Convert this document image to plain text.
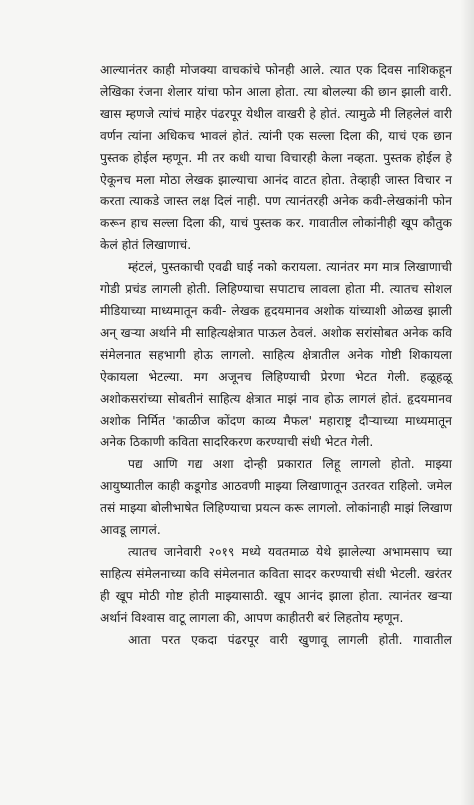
आल्यानंतर काही मोजक्या वाचकांचे फोनही आले. त्यात एक दिवस नाशिकहून लेखिका रंजना शेलार यांचा फोन आला होता. त्या बोलल्या की छान झाली वारी. खास म्हणजे त्यांचं माहेर पंढरपूर येथील वाखरी हे होतं. त्यामुळे मी लिहलेलं वारी वर्णन त्यांना अधिकच भावलं होतं. त्यांनी एक सल्ला दिला की, याचं एक छान पुस्तक होईल म्हणून. मी तर कधी याचा विचारही केला नव्हता. पुस्तक होईल हे ऐकूनच मला मोठा लेखक झाल्याचा आनंद वाटत होता. तेव्हाही जास्त विचार न करता त्याकडे जास्त लक्ष दिलं नाही. पण त्यानंतरही अनेक कवी-लेखकांनी फोन करून हाच सल्ला दिला की, याचं पुस्तक कर. गावातील लोकांनीही खूप कौतुक केलं होतं लिखाणाचं.

म्हंटलं, पुस्तकाची एवढी घाई नको करायला. त्यानंतर मग मात्र लिखाणाची गोडी प्रचंड लागली होती. लिहिण्याचा सपाटाच लावला होता मी. त्यातच सोशल मीडियाच्या माध्यमातून कवी- लेखक हृदयमानव अशोक यांच्याशी ओळख झाली अन् खऱ्या अर्थाने मी साहित्यक्षेत्रात पाऊल ठेवलं. अशोक सरांसोबत अनेक कवि संमेलनात सहभागी होऊ लागलो. साहित्य क्षेत्रातील अनेक गोष्टी शिकायला ऐकायला भेटल्या. मग अजूनच लिहिण्याची प्रेरणा भेटत गेली. हळूहळू अशोकसरांच्या सोबतीनं साहित्य क्षेत्रात माझं नाव होऊ लागलं होतं. हृदयमानव अशोक निर्मित 'काळीज कोंदण काव्य मैफल' महाराष्ट्र दौऱ्याच्या माध्यमातून अनेक ठिकाणी कविता सादरिकरण करण्याची संधी भेटत गेली.

पद्य आणि गद्य अशा दोन्ही प्रकारात लिहू लागलो होतो. माझ्या आयुष्यातील काही कडूगोड आठवणी माझ्या लिखाणातून उतरवत राहिलो. जमेल तसं माझ्या बोलीभाषेत लिहिण्याचा प्रयत्न करू लागलो. लोकांनाही माझं लिखाण आवडू लागलं.

त्यातच जानेवारी २०१९ मध्ये यवतमाळ येथे झालेल्या अभामसाप च्या साहित्य संमेलनाच्या कवि संमेलनात कविता सादर करण्याची संधी भेटली. खरंतर ही खूप मोठी गोष्ट होती माझ्यासाठी. खूप आनंद झाला होता. त्यानंतर खऱ्या अर्थानं विश्वास वाटू लागला की, आपण काहीतरी बरं लिहतोय म्हणून.

आता परत एकदा पंढरपूर वारी खुणावू लागली होती. गावातील
